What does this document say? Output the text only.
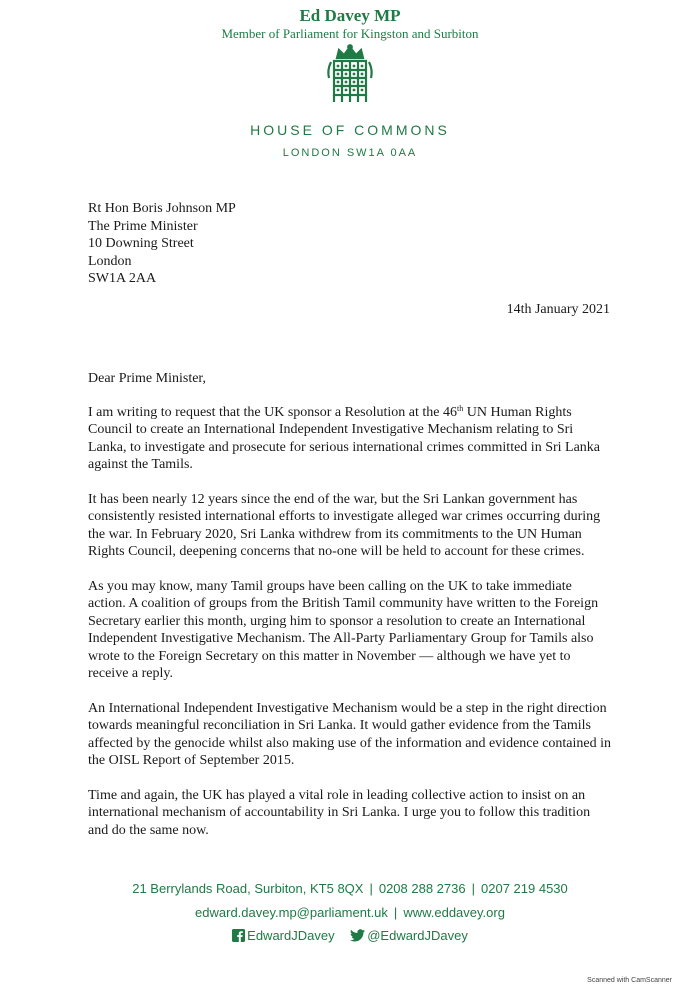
Ed Davey MP
Member of Parliament for Kingston and Surbiton
HOUSE OF COMMONS
LONDON SW1A 0AA
Rt Hon Boris Johnson MP
The Prime Minister
10 Downing Street
London
SW1A 2AA
14th January 2021

Dear Prime Minister,

I am writing to request that the UK sponsor a Resolution at the 46th UN Human Rights Council to create an International Independent Investigative Mechanism relating to Sri Lanka, to investigate and prosecute for serious international crimes committed in Sri Lanka against the Tamils.

It has been nearly 12 years since the end of the war, but the Sri Lankan government has consistently resisted international efforts to investigate alleged war crimes occurring during the war. In February 2020, Sri Lanka withdrew from its commitments to the UN Human Rights Council, deepening concerns that no-one will be held to account for these crimes.

As you may know, many Tamil groups have been calling on the UK to take immediate action. A coalition of groups from the British Tamil community have written to the Foreign Secretary earlier this month, urging him to sponsor a resolution to create an International Independent Investigative Mechanism. The All-Party Parliamentary Group for Tamils also wrote to the Foreign Secretary on this matter in November — although we have yet to receive a reply.

An International Independent Investigative Mechanism would be a step in the right direction towards meaningful reconciliation in Sri Lanka. It would gather evidence from the Tamils affected by the genocide whilst also making use of the information and evidence contained in the OISL Report of September 2015.

Time and again, the UK has played a vital role in leading collective action to insist on an international mechanism of accountability in Sri Lanka. I urge you to follow this tradition and do the same now.

21 Berrylands Road, Surbiton, KT5 8QX | 0208 288 2736 | 0207 219 4530
edward.davey.mp@parliament.uk | www.eddavey.org
EdwardJDavey	@EdwardJDavey
Scanned with CamScanner
